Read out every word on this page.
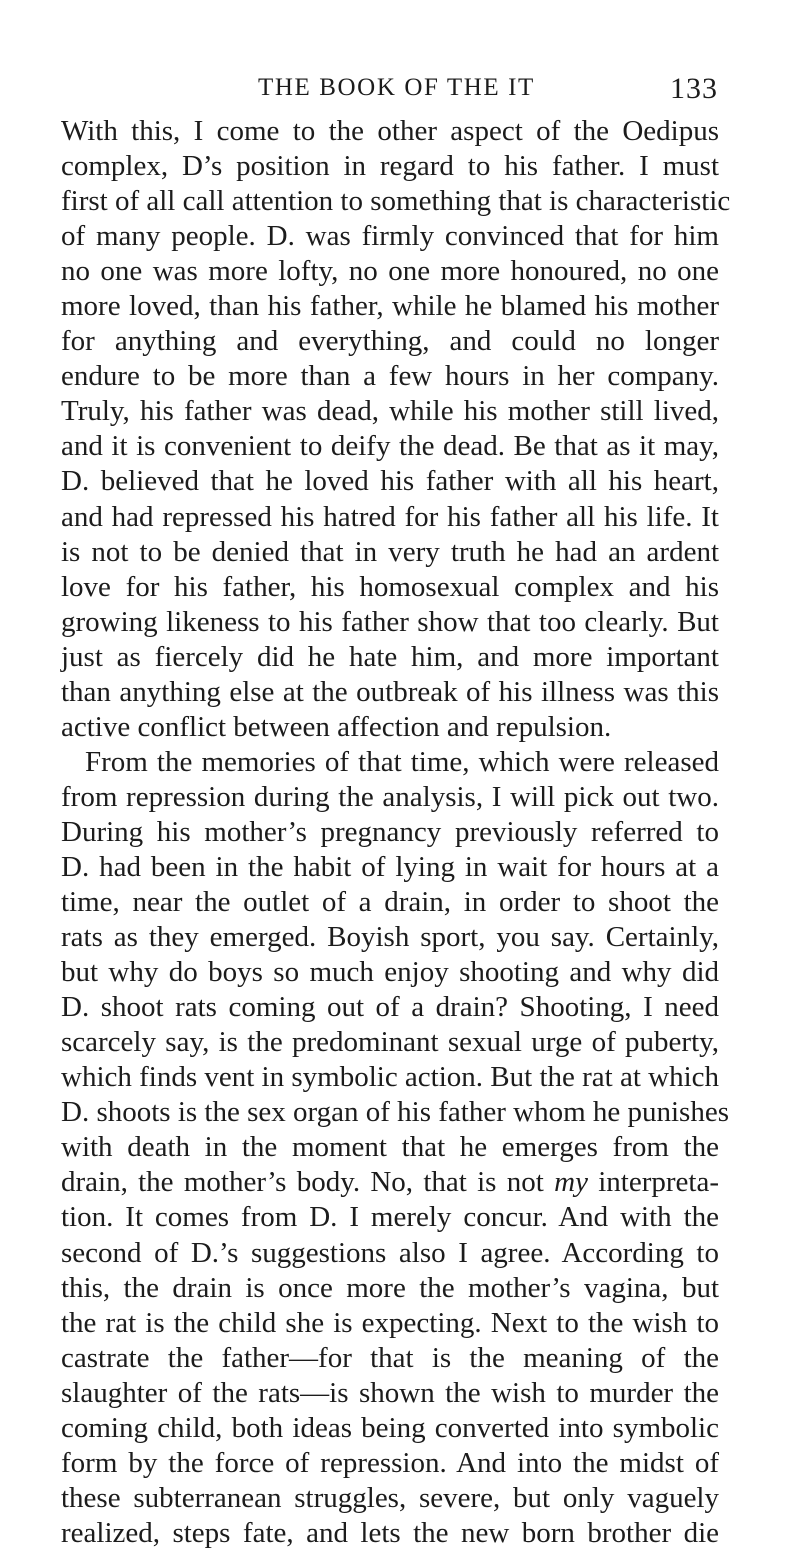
THE BOOK OF THE IT	133
With this, I come to the other aspect of the Oedipus
complex, D’s position in regard to his father. I must
first of all call attention to something that is characteristic
of many people. D. was firmly convinced that for him
no one was more lofty, no one more honoured, no one
more loved, than his father, while he blamed his mother
for anything and everything, and could no longer
endure to be more than a few hours in her company.
Truly, his father was dead, while his mother still lived,
and it is convenient to deify the dead. Be that as it may,
D. believed that he loved his father with all his heart,
and had repressed his hatred for his father all his life. It
is not to be denied that in very truth he had an ardent
love for his father, his homosexual complex and his
growing likeness to his father show that too clearly. But
just as fiercely did he hate him, and more important
than anything else at the outbreak of his illness was this
active conflict between affection and repulsion.
From the memories of that time, which were released
from repression during the analysis, I will pick out two.
During his mother’s pregnancy previously referred to
D. had been in the habit of lying in wait for hours at a
time, near the outlet of a drain, in order to shoot the
rats as they emerged. Boyish sport, you say. Certainly,
but why do boys so much enjoy shooting and why did
D. shoot rats coming out of a drain? Shooting, I need
scarcely say, is the predominant sexual urge of puberty,
which finds vent in symbolic action. But the rat at which
D. shoots is the sex organ of his father whom he punishes
with death in the moment that he emerges from the
drain, the mother’s body. No, that is not my interpreta-
tion. It comes from D. I merely concur. And with the
second of D.’s suggestions also I agree. According to
this, the drain is once more the mother’s vagina, but
the rat is the child she is expecting. Next to the wish to
castrate the father—for that is the meaning of the
slaughter of the rats—is shown the wish to murder the
coming child, both ideas being converted into symbolic
form by the force of repression. And into the midst of
these subterranean struggles, severe, but only vaguely
realized, steps fate, and lets the new born brother die
